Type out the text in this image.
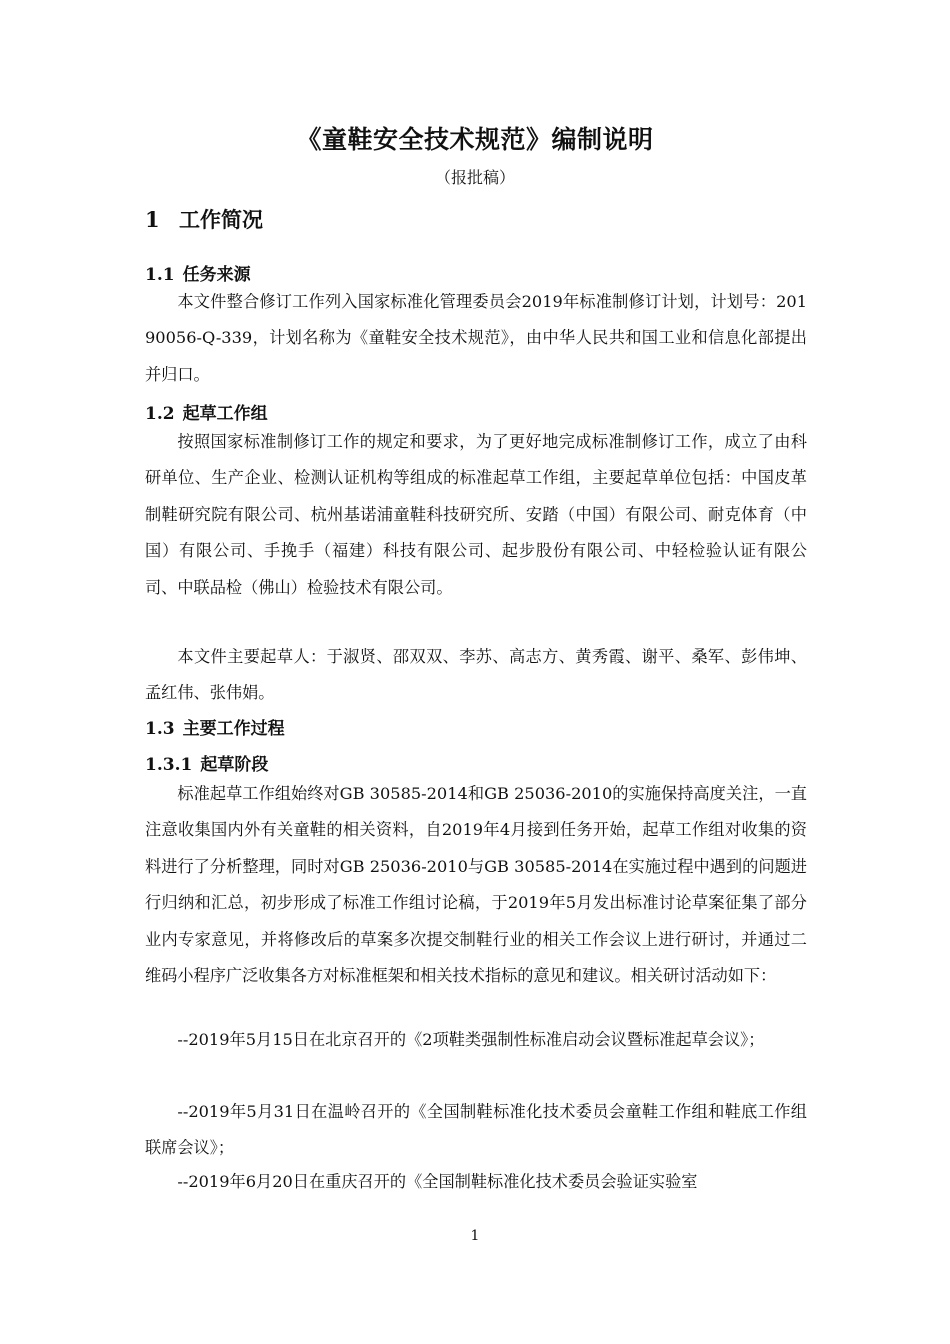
《童鞋安全技术规范》编制说明
（报批稿）
1 工作简况
1.1 任务来源

本文件整合修订工作列入国家标准化管理委员会2019年标准制修订计划，计划号：20190056-Q-339，计划名称为《童鞋安全技术规范》，由中华人民共和国工业和信息化部提出并归口。

1.2 起草工作组

按照国家标准制修订工作的规定和要求，为了更好地完成标准制修订工作，成立了由科研单位、生产企业、检测认证机构等组成的标准起草工作组，主要起草单位包括：中国皮革制鞋研究院有限公司、杭州基诺浦童鞋科技研究所、安踏（中国）有限公司、耐克体育（中国）有限公司、手挽手（福建）科技有限公司、起步股份有限公司、中轻检验认证有限公司、中联品检（佛山）检验技术有限公司。

本文件主要起草人：于淑贤、邵双双、李苏、高志方、黄秀霞、谢平、桑军、彭伟坤、孟红伟、张伟娟。

1.3 主要工作过程
1.3.1 起草阶段

标准起草工作组始终对GB 30585-2014和GB 25036-2010的实施保持高度关注，一直注意收集国内外有关童鞋的相关资料，自2019年4月接到任务开始，起草工作组对收集的资料进行了分析整理，同时对GB 25036-2010与GB 30585-2014在实施过程中遇到的问题进行归纳和汇总，初步形成了标准工作组讨论稿，于2019年5月发出标准讨论草案征集了部分业内专家意见，并将修改后的草案多次提交制鞋行业的相关工作会议上进行研讨，并通过二维码小程序广泛收集各方对标准框架和相关技术指标的意见和建议。相关研讨活动如下：

--2019年5月15日在北京召开的《2项鞋类强制性标准启动会议暨标准起草会议》；

--2019年5月31日在温岭召开的《全国制鞋标准化技术委员会童鞋工作组和鞋底工作组联席会议》；

--2019年6月20日在重庆召开的《全国制鞋标准化技术委员会验证实验室

1
